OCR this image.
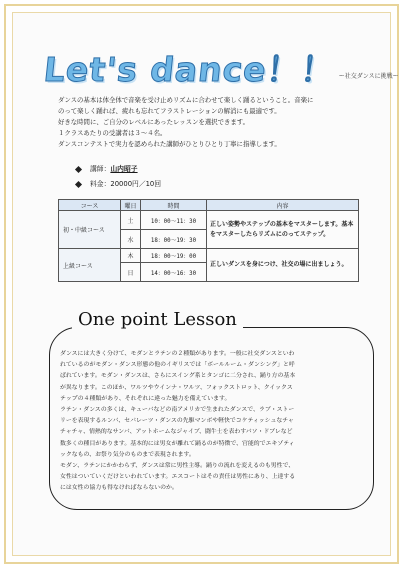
Let's dance！！ ー社交ダンスに挑戦ー

ダンスの基本は体全体で音楽を受け止めリズムに合わせて楽しく踊るということ。音楽に

のって楽しく踊れば、疲れも忘れてフラストレーションの解消にも最適です。

好きな時間に、ご自分のレベルにあったレッスンを選択できます。

１クラスあたりの受講者は３～４名。

ダンスコンテストで実力を認められた講師がひとりひとり丁寧に指導します。

講師： 山内昭子
料金：20000円／10回
コース	曜日	時間	内容
初・中級コース	土	10：00～11：30	正しい姿勢やステップの基本をマスターします。基本をマスターしたらリズムにのってステップ。
	水	18：00～19：30	
上級コース	木	18：00～19：00	正しいダンスを身につけ、社交の場に出ましょう。
	日	14：00～16：30	
One point Lesson

ダンスには大きく分けて、モダンとラテンの２種類があります。一般に社交ダンスといわ

れているのがモダン・ダンス形態の他のイギリスでは「ボールルーム・ダンシング」と呼

ばれています。モダン・ダンスは、さらにスイング系とタンゴに二分され、踊り方の基本

が異なります。このほか、ワルツやウインナ・ワルツ、フォックストロット、クイックス

テップの４種類があり、それぞれに違った魅力を備えています。

ラテン・ダンスの多くは、キューバなどの南アメリカで生まれたダンスで、ラブ・ストー

リーを表現するルンバ、セバレーツ・ダンスの先駆マンボや軽快でコケティッシュなチャ

チャチャ、情熱的なサンバ、アットホームなジャイブ、闘牛士を表わすパソ・ドブレなど

数多くの種目があります。基本的には男女が離れて踊るのが特徴で、官能的でエキゾティ

ックなもの、お祭り気分のものまで表現されます。

モダン、ラテンにかかわらず、ダンスは常に男性主導。踊りの流れを変えるのも男性で、

女性はついていくだけといわれています。エスコートはその責任は男性にあり、上達する

には女性の協力も得なければならないのか。
